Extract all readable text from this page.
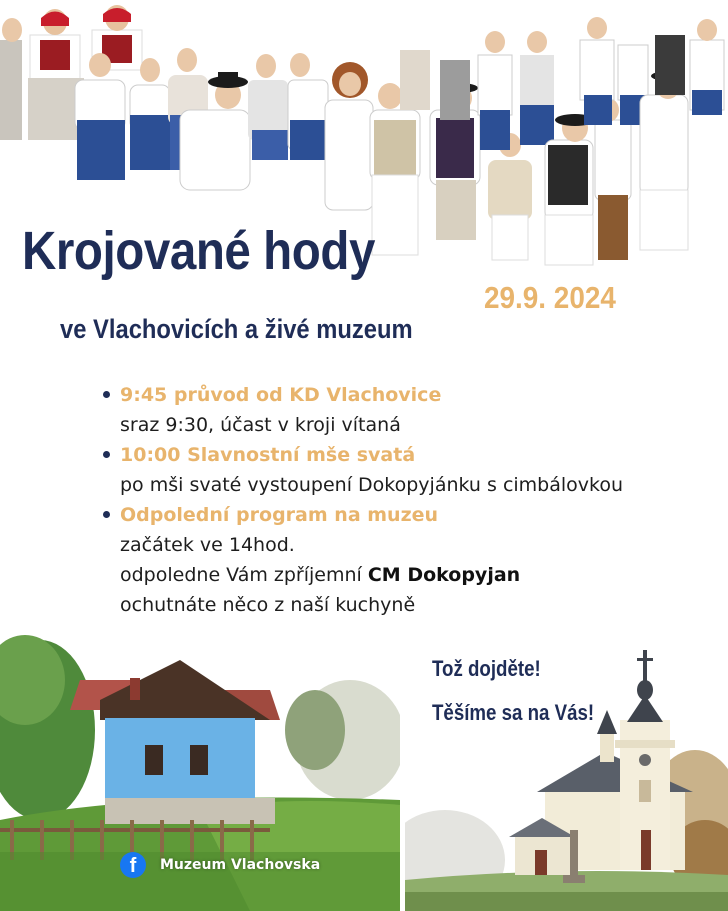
Krojované hody
29.9. 2024
ve Vlachovicích a živé muzeum
9:45 průvod od KD Vlachovice
sraz 9:30, účast v kroji vítaná
10:00 Slavnostní mše svatá
po mši svaté vystoupení Dokopyjánku s cimbálovkou
Odpolední program na muzeu
začátek ve 14hod.
odpoledne Vám zpříjemní CM Dokopyjan
ochutnáte něco z naší kuchyně
f	Muzeum Vlachovska
Tož dojděte!
Těšíme sa na Vás!
